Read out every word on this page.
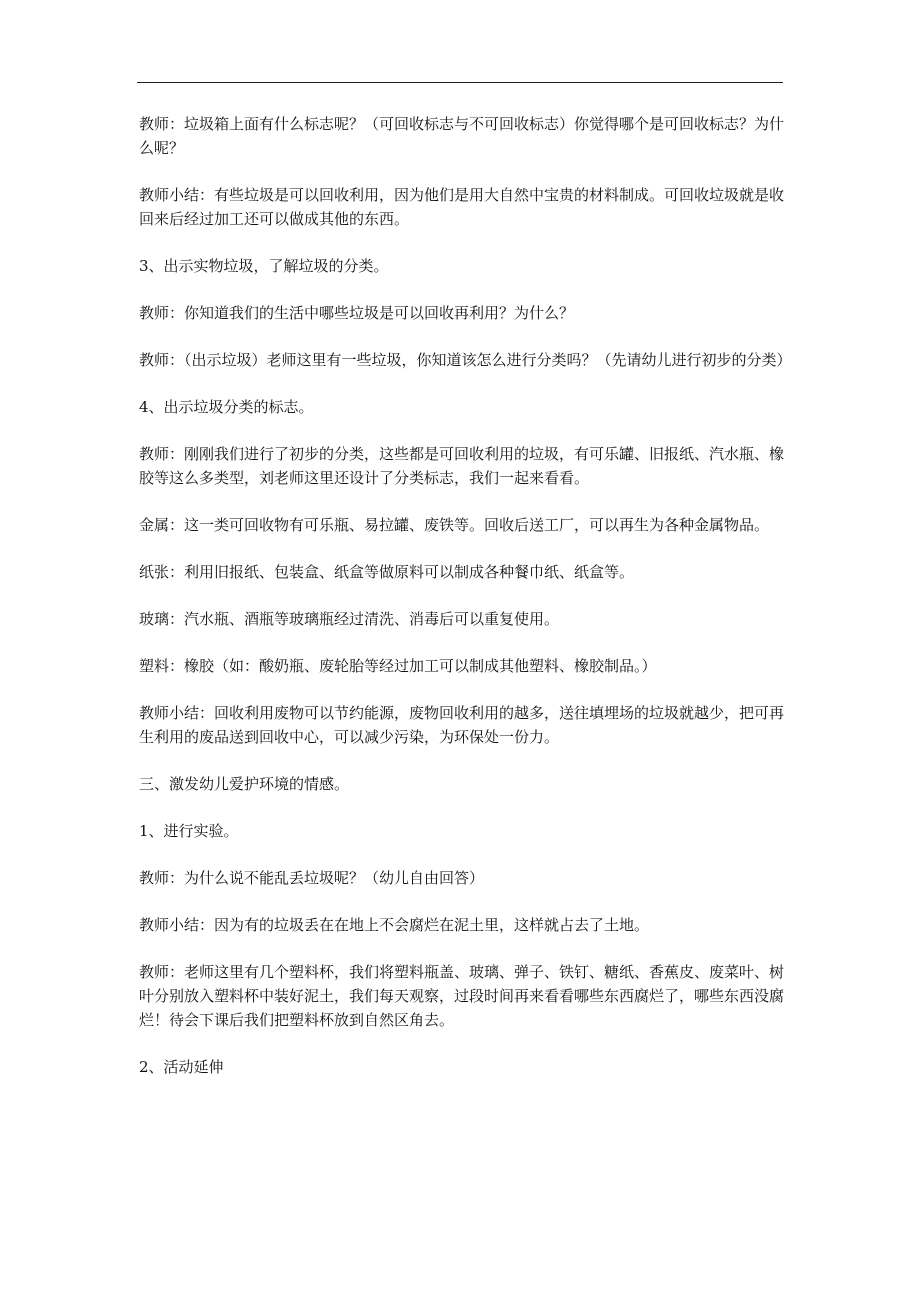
教师：垃圾箱上面有什么标志呢？（可回收标志与不可回收标志）你觉得哪个是可回收标志？为什么呢？

教师小结：有些垃圾是可以回收利用，因为他们是用大自然中宝贵的材料制成。可回收垃圾就是收回来后经过加工还可以做成其他的东西。

3、出示实物垃圾，了解垃圾的分类。

教师：你知道我们的生活中哪些垃圾是可以回收再利用？为什么？

教师：（出示垃圾）老师这里有一些垃圾，你知道该怎么进行分类吗？（先请幼儿进行初步的分类）

4、出示垃圾分类的标志。

教师：刚刚我们进行了初步的分类，这些都是可回收利用的垃圾，有可乐罐、旧报纸、汽水瓶、橡胶等这么多类型，刘老师这里还设计了分类标志，我们一起来看看。

金属：这一类可回收物有可乐瓶、易拉罐、废铁等。回收后送工厂，可以再生为各种金属物品。

纸张：利用旧报纸、包装盒、纸盒等做原料可以制成各种餐巾纸、纸盒等。

玻璃：汽水瓶、酒瓶等玻璃瓶经过清洗、消毒后可以重复使用。

塑料：橡胶（如：酸奶瓶、废轮胎等经过加工可以制成其他塑料、橡胶制品。）

教师小结：回收利用废物可以节约能源，废物回收利用的越多，送往填埋场的垃圾就越少，把可再生利用的废品送到回收中心，可以减少污染，为环保处一份力。

三、激发幼儿爱护环境的情感。

1、进行实验。

教师：为什么说不能乱丢垃圾呢？（幼儿自由回答）

教师小结：因为有的垃圾丢在在地上不会腐烂在泥土里，这样就占去了土地。

教师：老师这里有几个塑料杯，我们将塑料瓶盖、玻璃、弹子、铁钉、糖纸、香蕉皮、废菜叶、树叶分别放入塑料杯中装好泥土，我们每天观察，过段时间再来看看哪些东西腐烂了，哪些东西没腐烂！待会下课后我们把塑料杯放到自然区角去。

2、活动延伸
